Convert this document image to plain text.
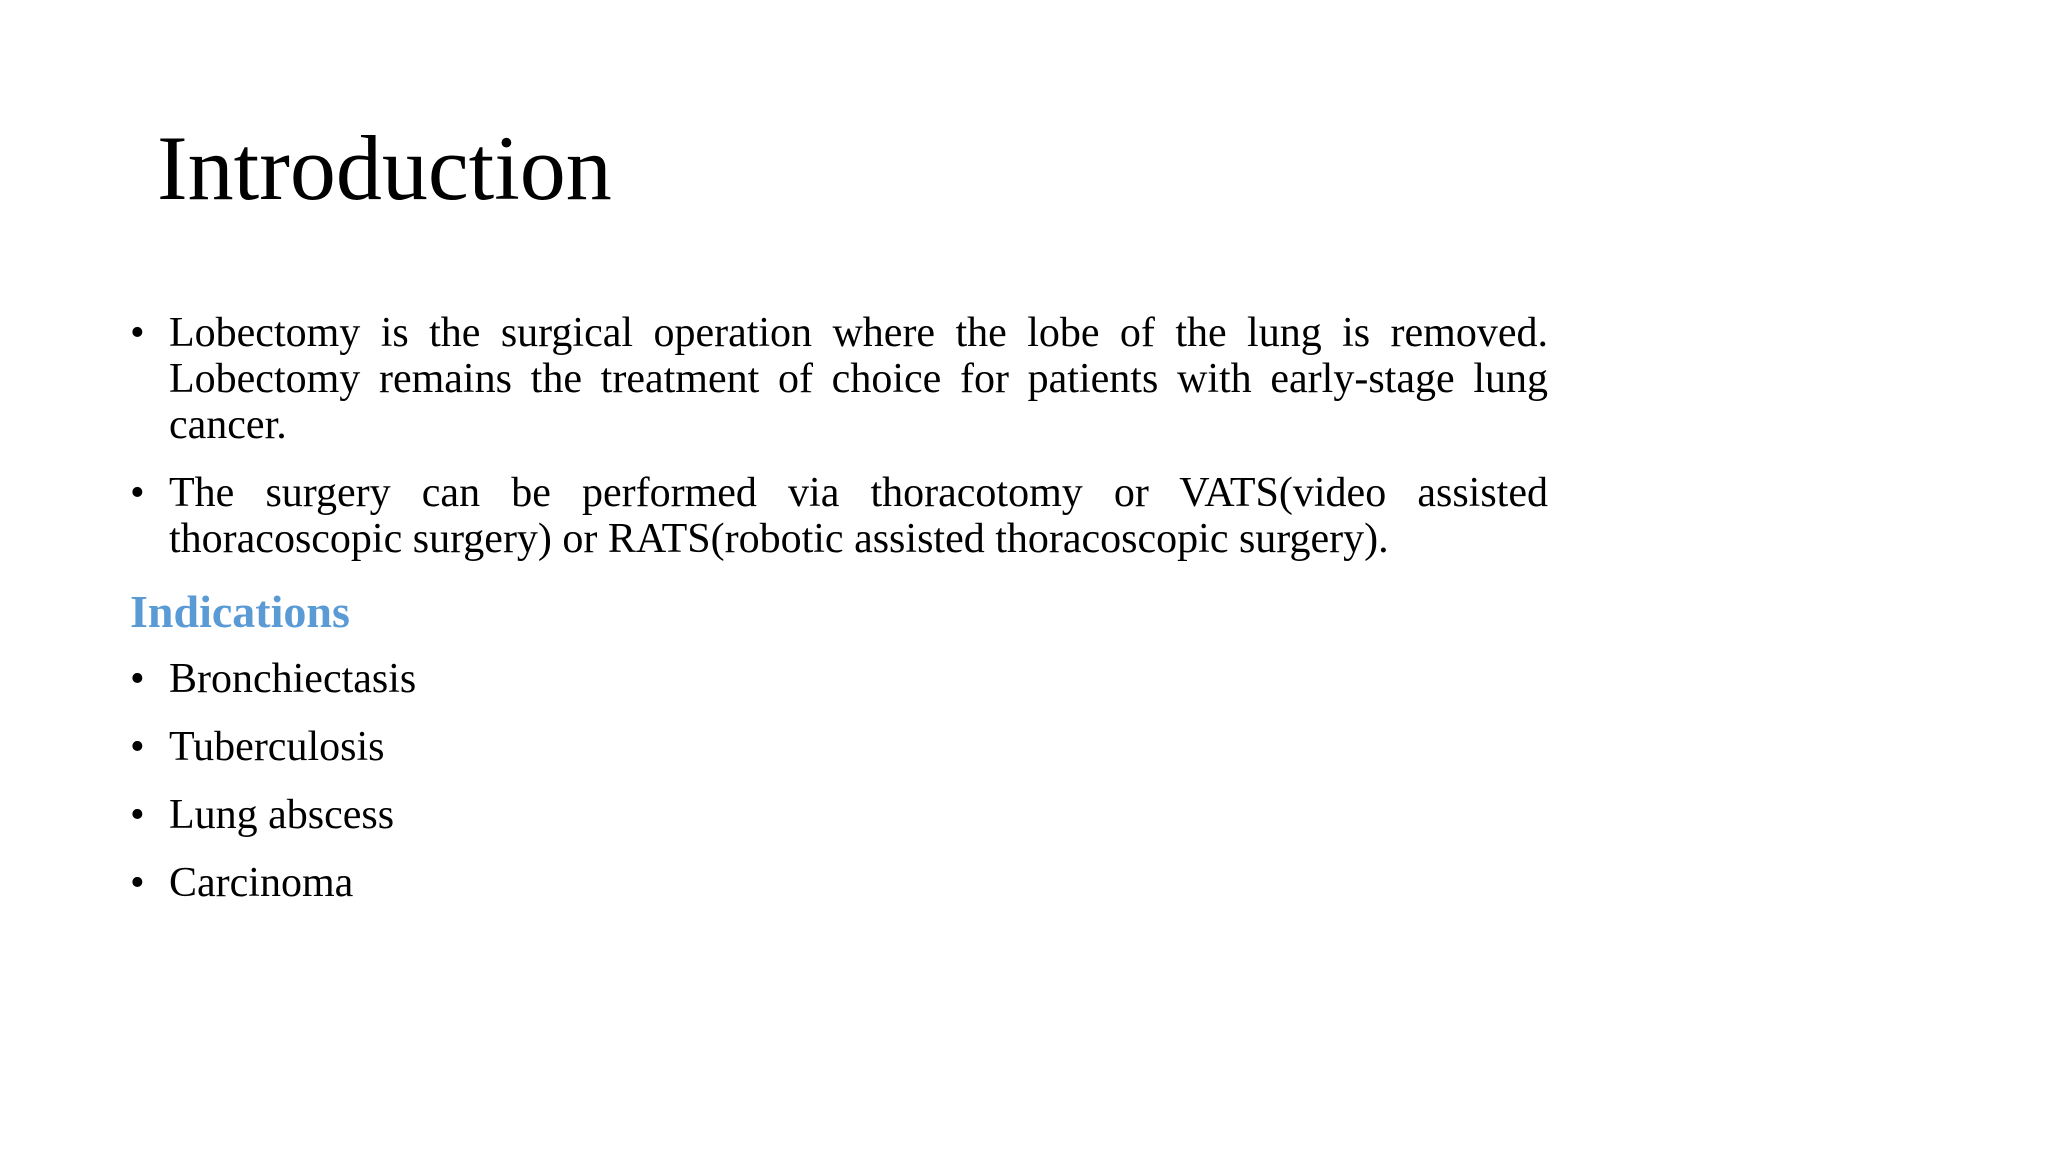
Introduction
• Lobectomy is the surgical operation where the lobe of the lung is removed. Lobectomy remains the treatment of choice for patients with early-stage lung cancer.
• The surgery can be performed via thoracotomy or VATS(video assisted thoracoscopic surgery) or RATS(robotic assisted thoracoscopic surgery).
Indications
• Bronchiectasis
• Tuberculosis
• Lung abscess
• Carcinoma
